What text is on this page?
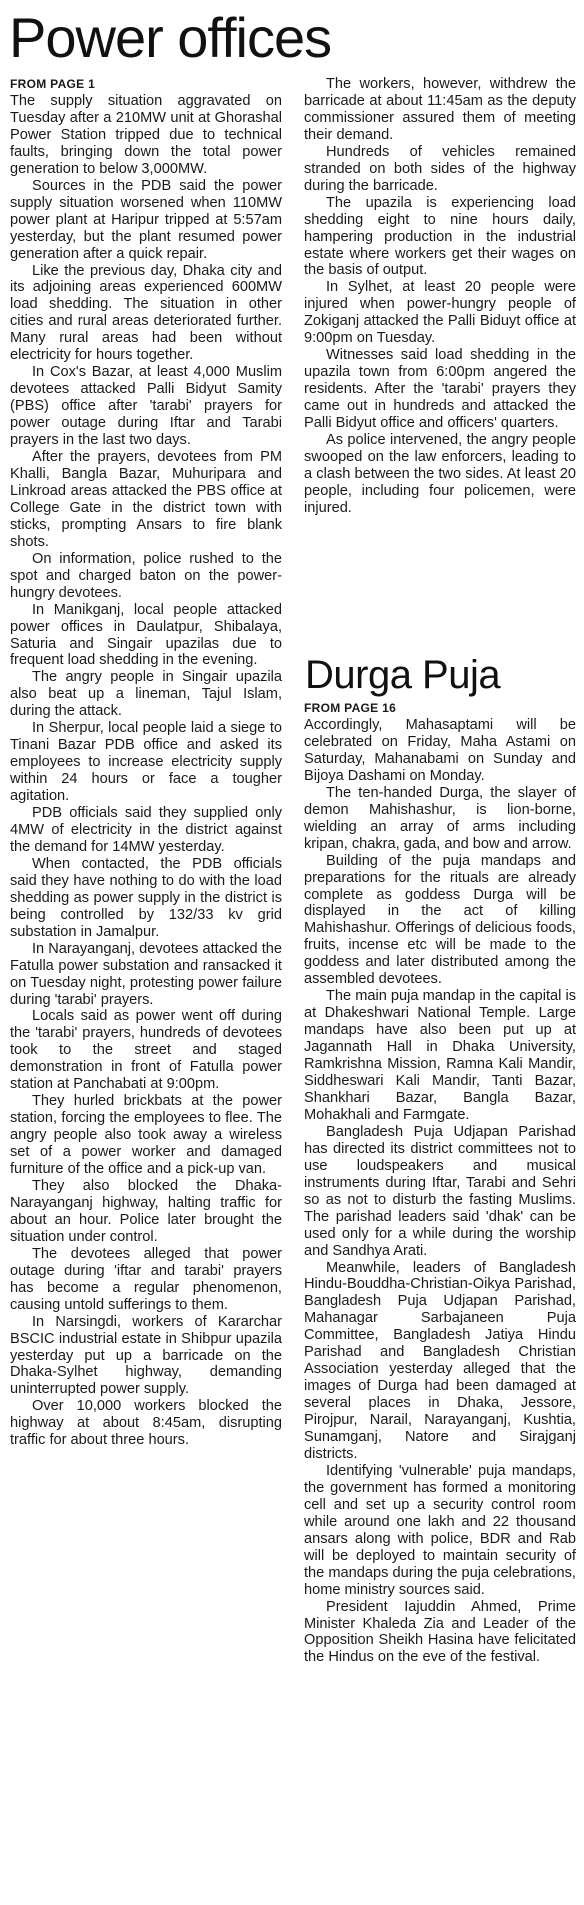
Power offices
FROM PAGE 1

The supply situation aggravated on Tuesday after a 210MW unit at Ghorashal Power Station tripped due to technical faults, bringing down the total power generation to below 3,000MW.

Sources in the PDB said the power supply situation worsened when 110MW power plant at Haripur tripped at 5:57am yesterday, but the plant resumed power generation after a quick repair.

Like the previous day, Dhaka city and its adjoining areas experienced 600MW load shedding. The situation in other cities and rural areas deteriorated further. Many rural areas had been without electricity for hours together.

In Cox's Bazar, at least 4,000 Muslim devotees attacked Palli Bidyut Samity (PBS) office after 'tarabi' prayers for power outage during Iftar and Tarabi prayers in the last two days.

After the prayers, devotees from PM Khalli, Bangla Bazar, Muhuripara and Linkroad areas attacked the PBS office at College Gate in the district town with sticks, prompting Ansars to fire blank shots.

On information, police rushed to the spot and charged baton on the power-hungry devotees.

In Manikganj, local people attacked power offices in Daulatpur, Shibalaya, Saturia and Singair upazilas due to frequent load shedding in the evening.

The angry people in Singair upazila also beat up a lineman, Tajul Islam, during the attack.

In Sherpur, local people laid a siege to Tinani Bazar PDB office and asked its employees to increase electricity supply within 24 hours or face a tougher agitation.

PDB officials said they supplied only 4MW of electricity in the district against the demand for 14MW yesterday.

When contacted, the PDB officials said they have nothing to do with the load shedding as power supply in the district is being controlled by 132/33 kv grid substation in Jamalpur.

In Narayanganj, devotees attacked the Fatulla power substation and ransacked it on Tuesday night, protesting power failure during 'tarabi' prayers.

Locals said as power went off during the 'tarabi' prayers, hundreds of devotees took to the street and staged demonstration in front of Fatulla power station at Panchabati at 9:00pm.

They hurled brickbats at the power station, forcing the employees to flee. The angry people also took away a wireless set of a power worker and damaged furniture of the office and a pick-up van.

They also blocked the Dhaka-Narayanganj highway, halting traffic for about an hour. Police later brought the situation under control.

The devotees alleged that power outage during 'iftar and tarabi' prayers has become a regular phenomenon, causing untold sufferings to them.

In Narsingdi, workers of Kararchar BSCIC industrial estate in Shibpur upazila yesterday put up a barricade on the Dhaka-Sylhet highway, demanding uninterrupted power supply.

Over 10,000 workers blocked the highway at about 8:45am, disrupting traffic for about three hours.

The workers, however, withdrew the barricade at about 11:45am as the deputy commissioner assured them of meeting their demand.

Hundreds of vehicles remained stranded on both sides of the highway during the barricade.

The upazila is experiencing load shedding eight to nine hours daily, hampering production in the industrial estate where workers get their wages on the basis of output.

In Sylhet, at least 20 people were injured when power-hungry people of Zokiganj attacked the Palli Biduyt office at 9:00pm on Tuesday.

Witnesses said load shedding in the upazila town from 6:00pm angered the residents. After the 'tarabi' prayers they came out in hundreds and attacked the Palli Bidyut office and officers' quarters.

As police intervened, the angry people swooped on the law enforcers, leading to a clash between the two sides. At least 20 people, including four policemen, were injured.

Durga Puja
FROM PAGE 16

Accordingly, Mahasaptami will be celebrated on Friday, Maha Astami on Saturday, Mahanabami on Sunday and Bijoya Dashami on Monday.

The ten-handed Durga, the slayer of demon Mahishashur, is lion-borne, wielding an array of arms including kripan, chakra, gada, and bow and arrow.

Building of the puja mandaps and preparations for the rituals are already complete as goddess Durga will be displayed in the act of killing Mahishashur. Offerings of delicious foods, fruits, incense etc will be made to the goddess and later distributed among the assembled devotees.

The main puja mandap in the capital is at Dhakeshwari National Temple. Large mandaps have also been put up at Jagannath Hall in Dhaka University, Ramkrishna Mission, Ramna Kali Mandir, Siddheswari Kali Mandir, Tanti Bazar, Shankhari Bazar, Bangla Bazar, Mohakhali and Farmgate.

Bangladesh Puja Udjapan Parishad has directed its district committees not to use loudspeakers and musical instruments during Iftar, Tarabi and Sehri so as not to disturb the fasting Muslims. The parishad leaders said 'dhak' can be used only for a while during the worship and Sandhya Arati.

Meanwhile, leaders of Bangladesh Hindu-Bouddha-Christian-Oikya Parishad, Bangladesh Puja Udjapan Parishad, Mahanagar Sarbajaneen Puja Committee, Bangladesh Jatiya Hindu Parishad and Bangladesh Christian Association yesterday alleged that the images of Durga had been damaged at several places in Dhaka, Jessore, Pirojpur, Narail, Narayanganj, Kushtia, Sunamganj, Natore and Sirajganj districts.

Identifying 'vulnerable' puja mandaps, the government has formed a monitoring cell and set up a security control room while around one lakh and 22 thousand ansars along with police, BDR and Rab will be deployed to maintain security of the mandaps during the puja celebrations, home ministry sources said.

President Iajuddin Ahmed, Prime Minister Khaleda Zia and Leader of the Opposition Sheikh Hasina have felicitated the Hindus on the eve of the festival.
